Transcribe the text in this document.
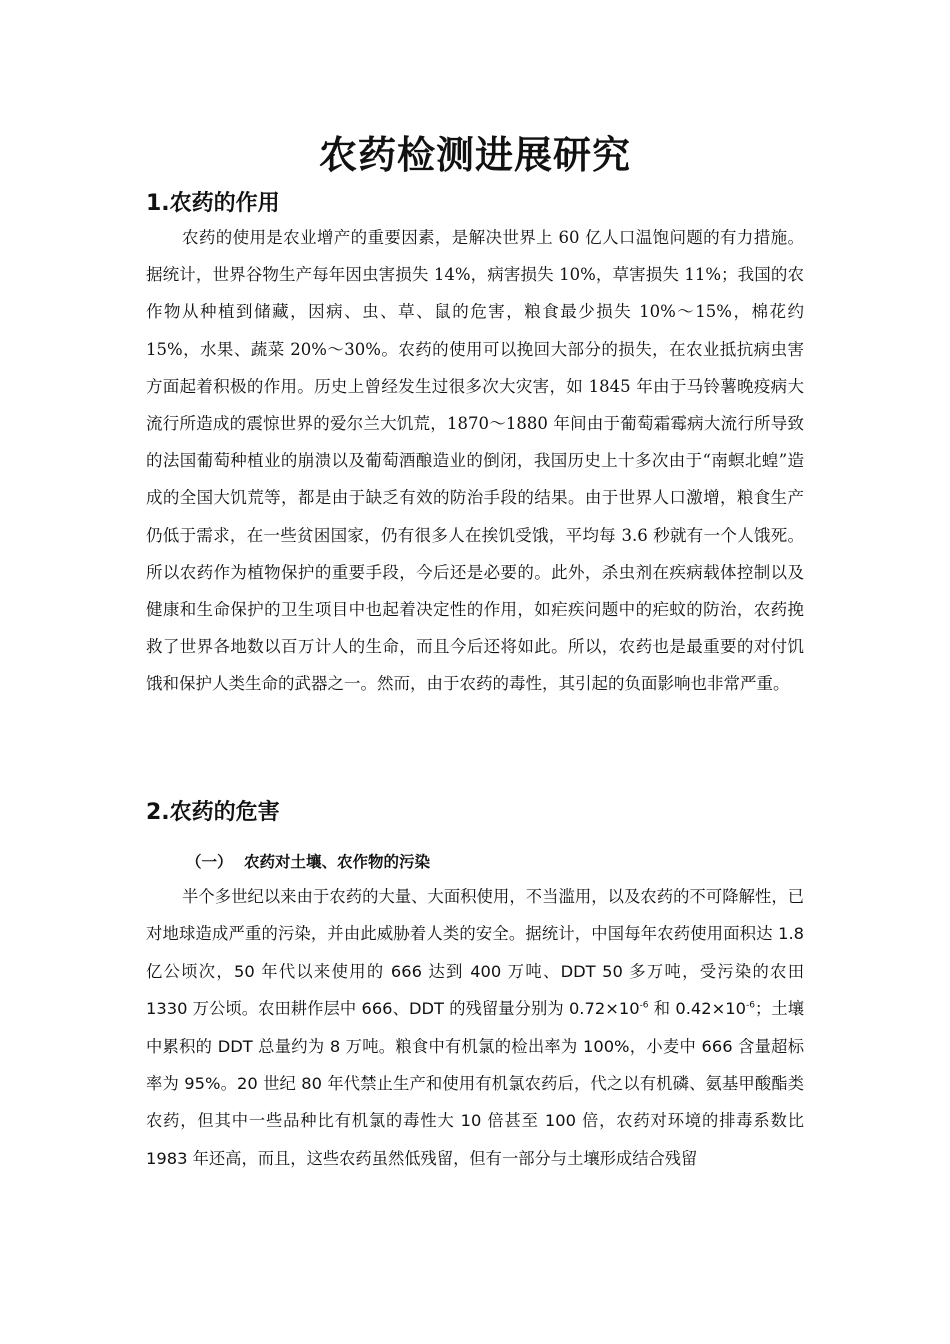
农药检测进展研究
1.农药的作用

农药的使用是农业增产的重要因素，是解决世界上 60 亿人口温饱问题的有力措施。据统计，世界谷物生产每年因虫害损失 14%，病害损失 10%，草害损失 11%；我国的农作物从种植到储藏，因病、虫、草、鼠的危害，粮食最少损失 10%～15%，棉花约 15%，水果、蔬菜 20%～30%。农药的使用可以挽回大部分的损失，在农业抵抗病虫害方面起着积极的作用。历史上曾经发生过很多次大灾害，如 1845 年由于马铃薯晚疫病大流行所造成的震惊世界的爱尔兰大饥荒，1870～1880 年间由于葡萄霜霉病大流行所导致的法国葡萄种植业的崩溃以及葡萄酒酿造业的倒闭，我国历史上十多次由于“南螟北蝗”造成的全国大饥荒等，都是由于缺乏有效的防治手段的结果。由于世界人口激增，粮食生产仍低于需求，在一些贫困国家，仍有很多人在挨饥受饿，平均每 3.6 秒就有一个人饿死。所以农药作为植物保护的重要手段，今后还是必要的。此外，杀虫剂在疾病载体控制以及健康和生命保护的卫生项目中也起着决定性的作用，如疟疾问题中的疟蚊的防治，农药挽救了世界各地数以百万计人的生命，而且今后还将如此。所以，农药也是最重要的对付饥饿和保护人类生命的武器之一。然而，由于农药的毒性，其引起的负面影响也非常严重。

2.农药的危害
（一） 农药对土壤、农作物的污染

半个多世纪以来由于农药的大量、大面积使用，不当滥用，以及农药的不可降解性，已对地球造成严重的污染，并由此威胁着人类的安全。据统计，中国每年农药使用面积达 1.8 亿公顷次，50 年代以来使用的 666 达到 400 万吨、DDT 50 多万吨，受污染的农田 1330 万公顷。农田耕作层中 666、DDT 的残留量分别为 $0.72\times 10^{-6}$ 和 $0.42\times 10^{-6}$；土壤中累积的 DDT 总量约为 8 万吨。粮食中有机氯的检出率为 100%，小麦中 666 含量超标率为 95%。20 世纪 80 年代禁止生产和使用有机氯农药后，代之以有机磷、氨基甲酸酯类农药，但其中一些品种比有机氯的毒性大 10 倍甚至 100 倍，农药对环境的排毒系数比 1983 年还高，而且，这些农药虽然低残留，但有一部分与土壤形成结合残留
